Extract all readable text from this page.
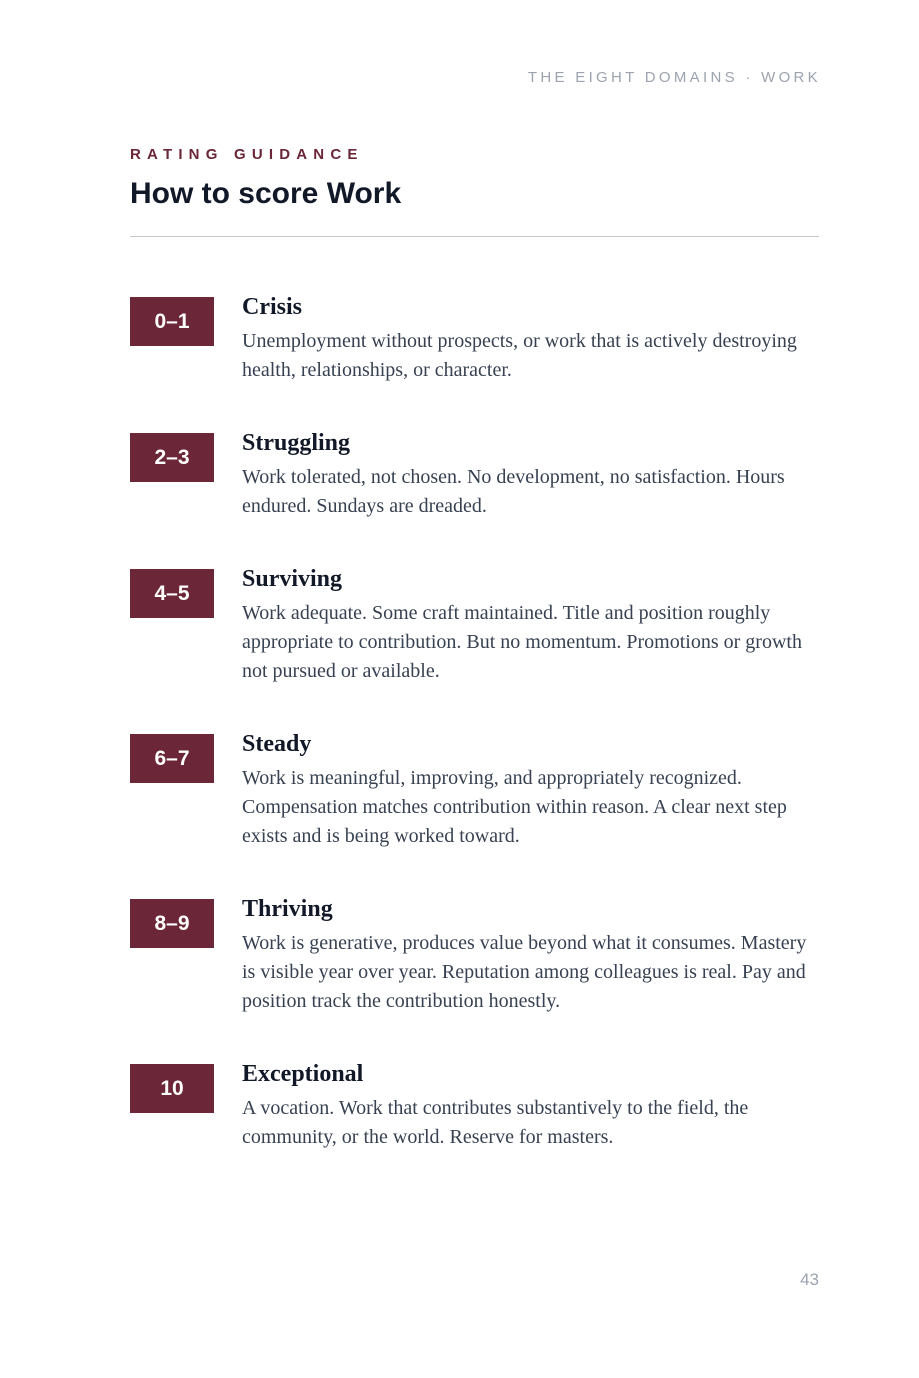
THE EIGHT DOMAINS · WORK
RATING GUIDANCE
How to score Work
0–1
Crisis

Unemployment without prospects, or work that is actively destroying health, relationships, or character.

2–3
Struggling

Work tolerated, not chosen. No development, no satisfaction. Hours endured. Sundays are dreaded.

4–5
Surviving

Work adequate. Some craft maintained. Title and position roughly appropriate to contribution. But no momentum. Promotions or growth not pursued or available.

6–7
Steady

Work is meaningful, improving, and appropriately recognized. Compensation matches contribution within reason. A clear next step exists and is being worked toward.

8–9
Thriving

Work is generative, produces value beyond what it consumes. Mastery is visible year over year. Reputation among colleagues is real. Pay and position track the contribution honestly.

10
Exceptional

A vocation. Work that contributes substantively to the field, the community, or the world. Reserve for masters.

43
